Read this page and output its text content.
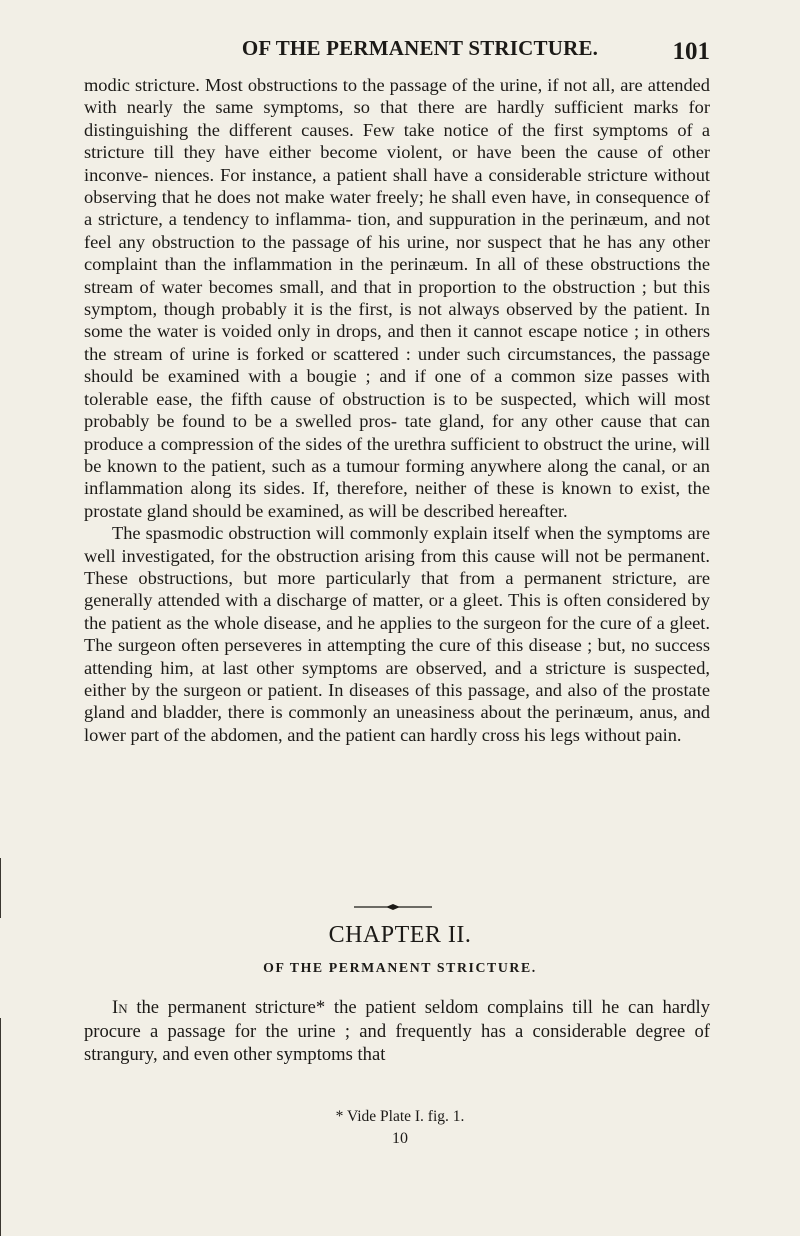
OF THE PERMANENT STRICTURE.	101

modic stricture. Most obstructions to the passage of the urine, if not all, are attended with nearly the same symptoms, so that there are hardly sufficient marks for distinguishing the different causes. Few take notice of the first symptoms of a stricture till they have either become violent, or have been the cause of other inconve- niences. For instance, a patient shall have a considerable stricture without observing that he does not make water freely; he shall even have, in consequence of a stricture, a tendency to inflamma- tion, and suppuration in the perinæum, and not feel any obstruction to the passage of his urine, nor suspect that he has any other complaint than the inflammation in the perinæum. In all of these obstructions the stream of water becomes small, and that in proportion to the obstruction ; but this symptom, though probably it is the first, is not always observed by the patient. In some the water is voided only in drops, and then it cannot escape notice ; in others the stream of urine is forked or scattered : under such circumstances, the passage should be examined with a bougie ; and if one of a common size passes with tolerable ease, the fifth cause of obstruction is to be suspected, which will most probably be found to be a swelled pros- tate gland, for any other cause that can produce a compression of the sides of the urethra sufficient to obstruct the urine, will be known to the patient, such as a tumour forming anywhere along the canal, or an inflammation along its sides. If, therefore, neither of these is known to exist, the prostate gland should be examined, as will be described hereafter.

The spasmodic obstruction will commonly explain itself when the symptoms are well investigated, for the obstruction arising from this cause will not be permanent. These obstructions, but more particularly that from a permanent stricture, are generally attended with a discharge of matter, or a gleet. This is often considered by the patient as the whole disease, and he applies to the surgeon for the cure of a gleet. The surgeon often perseveres in attempting the cure of this disease ; but, no success attending him, at last other symptoms are observed, and a stricture is suspected, either by the surgeon or patient. In diseases of this passage, and also of the prostate gland and bladder, there is commonly an uneasiness about the perinæum, anus, and lower part of the abdomen, and the patient can hardly cross his legs without pain.

CHAPTER II.
OF THE PERMANENT STRICTURE.

In the permanent stricture* the patient seldom complains till he can hardly procure a passage for the urine ; and frequently has a considerable degree of strangury, and even other symptoms that

* Vide Plate I. fig. 1.
10
